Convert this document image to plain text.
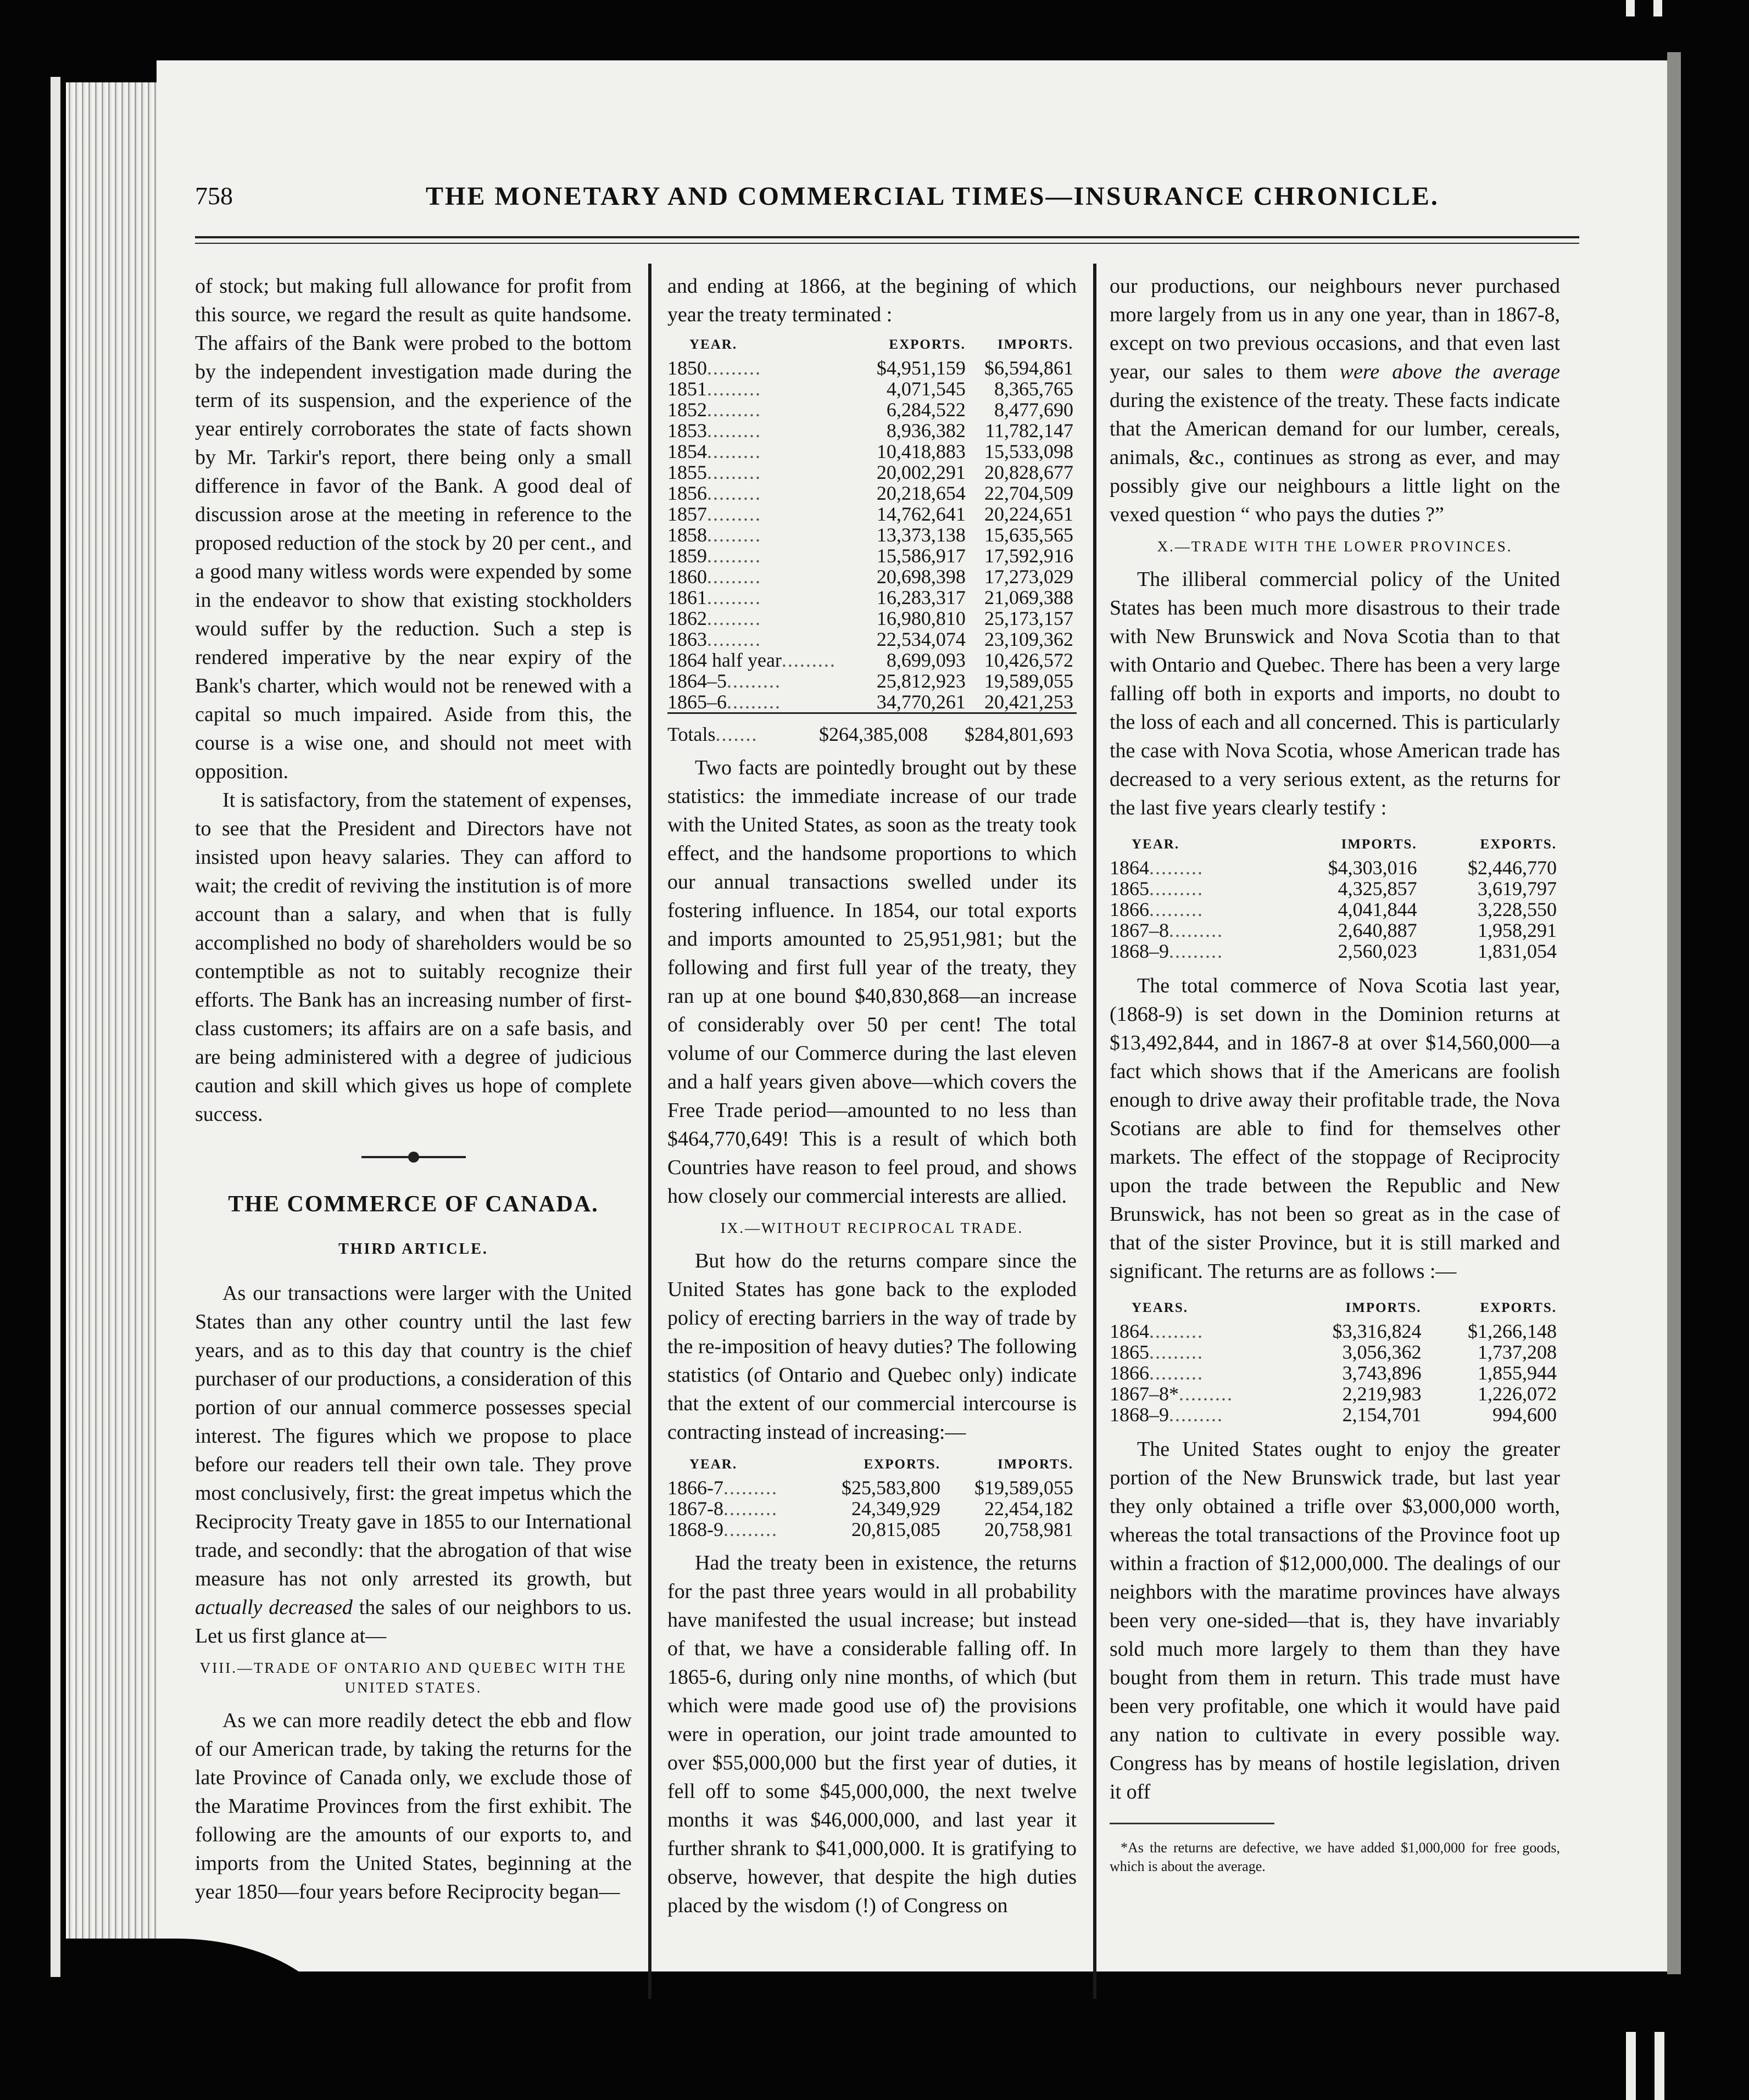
758	THE MONETARY AND COMMERCIAL TIMES—INSURANCE CHRONICLE.

of stock; but making full allowance for profit from this source, we regard the result as quite handsome. The affairs of the Bank were probed to the bottom by the independent investigation made during the term of its suspension, and the experience of the year entirely corroborates the state of facts shown by Mr. Tarkir's report, there being only a small difference in favor of the Bank. A good deal of discussion arose at the meeting in reference to the proposed reduction of the stock by 20 per cent., and a good many witless words were expended by some in the endeavor to show that existing stockholders would suffer by the reduction. Such a step is rendered imperative by the near expiry of the Bank's charter, which would not be renewed with a capital so much impaired. Aside from this, the course is a wise one, and should not meet with opposition.

It is satisfactory, from the statement of expenses, to see that the President and Directors have not insisted upon heavy salaries. They can afford to wait; the credit of reviving the institution is of more account than a salary, and when that is fully accomplished no body of shareholders would be so contemptible as not to suitably recognize their efforts. The Bank has an increasing number of first-class customers; its affairs are on a safe basis, and are being administered with a degree of judicious caution and skill which gives us hope of complete success.

THE COMMERCE OF CANADA.
THIRD ARTICLE.

As our transactions were larger with the United States than any other country until the last few years, and as to this day that country is the chief purchaser of our productions, a consideration of this portion of our annual commerce possesses special interest. The figures which we propose to place before our readers tell their own tale. They prove most conclusively, first: the great impetus which the Reciprocity Treaty gave in 1855 to our International trade, and secondly: that the abrogation of that wise measure has not only arrested its growth, but actually decreased the sales of our neighbors to us. Let us first glance at—

VIII.—TRADE OF ONTARIO AND QUEBEC WITH THE UNITED STATES.

As we can more readily detect the ebb and flow of our American trade, by taking the returns for the late Province of Canada only, we exclude those of the Maratime Provinces from the first exhibit. The following are the amounts of our exports to, and imports from the United States, beginning at the year 1850—four years before Reciprocity began—

and ending at 1866, at the begining of which year the treaty terminated :

YEAR.	EXPORTS.	IMPORTS.
1850.........	$4,951,159	$6,594,861
1851.........	4,071,545	8,365,765
1852.........	6,284,522	8,477,690
1853.........	8,936,382	11,782,147
1854.........	10,418,883	15,533,098
1855.........	20,002,291	20,828,677
1856.........	20,218,654	22,704,509
1857.........	14,762,641	20,224,651
1858.........	13,373,138	15,635,565
1859.........	15,586,917	17,592,916
1860.........	20,698,398	17,273,029
1861.........	16,283,317	21,069,388
1862.........	16,980,810	25,173,157
1863.........	22,534,074	23,109,362
1864 half year.........	8,699,093	10,426,572
1864–5.........	25,812,923	19,589,055
1865–6.........	34,770,261	20,421,253
Totals.......	$264,385,008	$284,801,693

Two facts are pointedly brought out by these statistics: the immediate increase of our trade with the United States, as soon as the treaty took effect, and the handsome proportions to which our annual transactions swelled under its fostering influence. In 1854, our total exports and imports amounted to 25,951,981; but the following and first full year of the treaty, they ran up at one bound $40,830,868—an increase of considerably over 50 per cent! The total volume of our Commerce during the last eleven and a half years given above—which covers the Free Trade period—amounted to no less than $464,770,649! This is a result of which both Countries have reason to feel proud, and shows how closely our commercial interests are allied.

IX.—WITHOUT RECIPROCAL TRADE.

But how do the returns compare since the United States has gone back to the exploded policy of erecting barriers in the way of trade by the re-imposition of heavy duties? The following statistics (of Ontario and Quebec only) indicate that the extent of our commercial intercourse is contracting instead of increasing:—

YEAR.	EXPORTS.	IMPORTS.
1866-7.........	$25,583,800	$19,589,055
1867-8.........	24,349,929	22,454,182
1868-9.........	20,815,085	20,758,981

Had the treaty been in existence, the returns for the past three years would in all probability have manifested the usual increase; but instead of that, we have a considerable falling off. In 1865-6, during only nine months, of which (but which were made good use of) the provisions were in operation, our joint trade amounted to over $55,000,000 but the first year of duties, it fell off to some $45,000,000, the next twelve months it was $46,000,000, and last year it further shrank to $41,000,000. It is gratifying to observe, however, that despite the high duties placed by the wisdom (!) of Congress on

our productions, our neighbours never purchased more largely from us in any one year, than in 1867-8, except on two previous occasions, and that even last year, our sales to them were above the average during the existence of the treaty. These facts indicate that the American demand for our lumber, cereals, animals, &c., continues as strong as ever, and may possibly give our neighbours a little light on the vexed question “ who pays the duties ?”

X.—TRADE WITH THE LOWER PROVINCES.

The illiberal commercial policy of the United States has been much more disastrous to their trade with New Brunswick and Nova Scotia than to that with Ontario and Quebec. There has been a very large falling off both in exports and imports, no doubt to the loss of each and all concerned. This is particularly the case with Nova Scotia, whose American trade has decreased to a very serious extent, as the returns for the last five years clearly testify :

YEAR.	IMPORTS.	EXPORTS.
1864.........	$4,303,016	$2,446,770
1865.........	4,325,857	3,619,797
1866.........	4,041,844	3,228,550
1867–8.........	2,640,887	1,958,291
1868–9.........	2,560,023	1,831,054

The total commerce of Nova Scotia last year, (1868-9) is set down in the Dominion returns at $13,492,844, and in 1867-8 at over $14,560,000—a fact which shows that if the Americans are foolish enough to drive away their profitable trade, the Nova Scotians are able to find for themselves other markets. The effect of the stoppage of Reciprocity upon the trade between the Republic and New Brunswick, has not been so great as in the case of that of the sister Province, but it is still marked and significant. The returns are as follows :—

YEARS.	IMPORTS.	EXPORTS.
1864.........	$3,316,824	$1,266,148
1865.........	3,056,362	1,737,208
1866.........	3,743,896	1,855,944
1867–8*.........	2,219,983	1,226,072
1868–9.........	2,154,701	994,600

The United States ought to enjoy the greater portion of the New Brunswick trade, but last year they only obtained a trifle over $3,000,000 worth, whereas the total transactions of the Province foot up within a fraction of $12,000,000. The dealings of our neighbors with the maratime provinces have always been very one-sided—that is, they have invariably sold much more largely to them than they have bought from them in return. This trade must have been very profitable, one which it would have paid any nation to cultivate in every possible way. Congress has by means of hostile legislation, driven it off

*As the returns are defective, we have added $1,000,000 for free goods, which is about the average.
